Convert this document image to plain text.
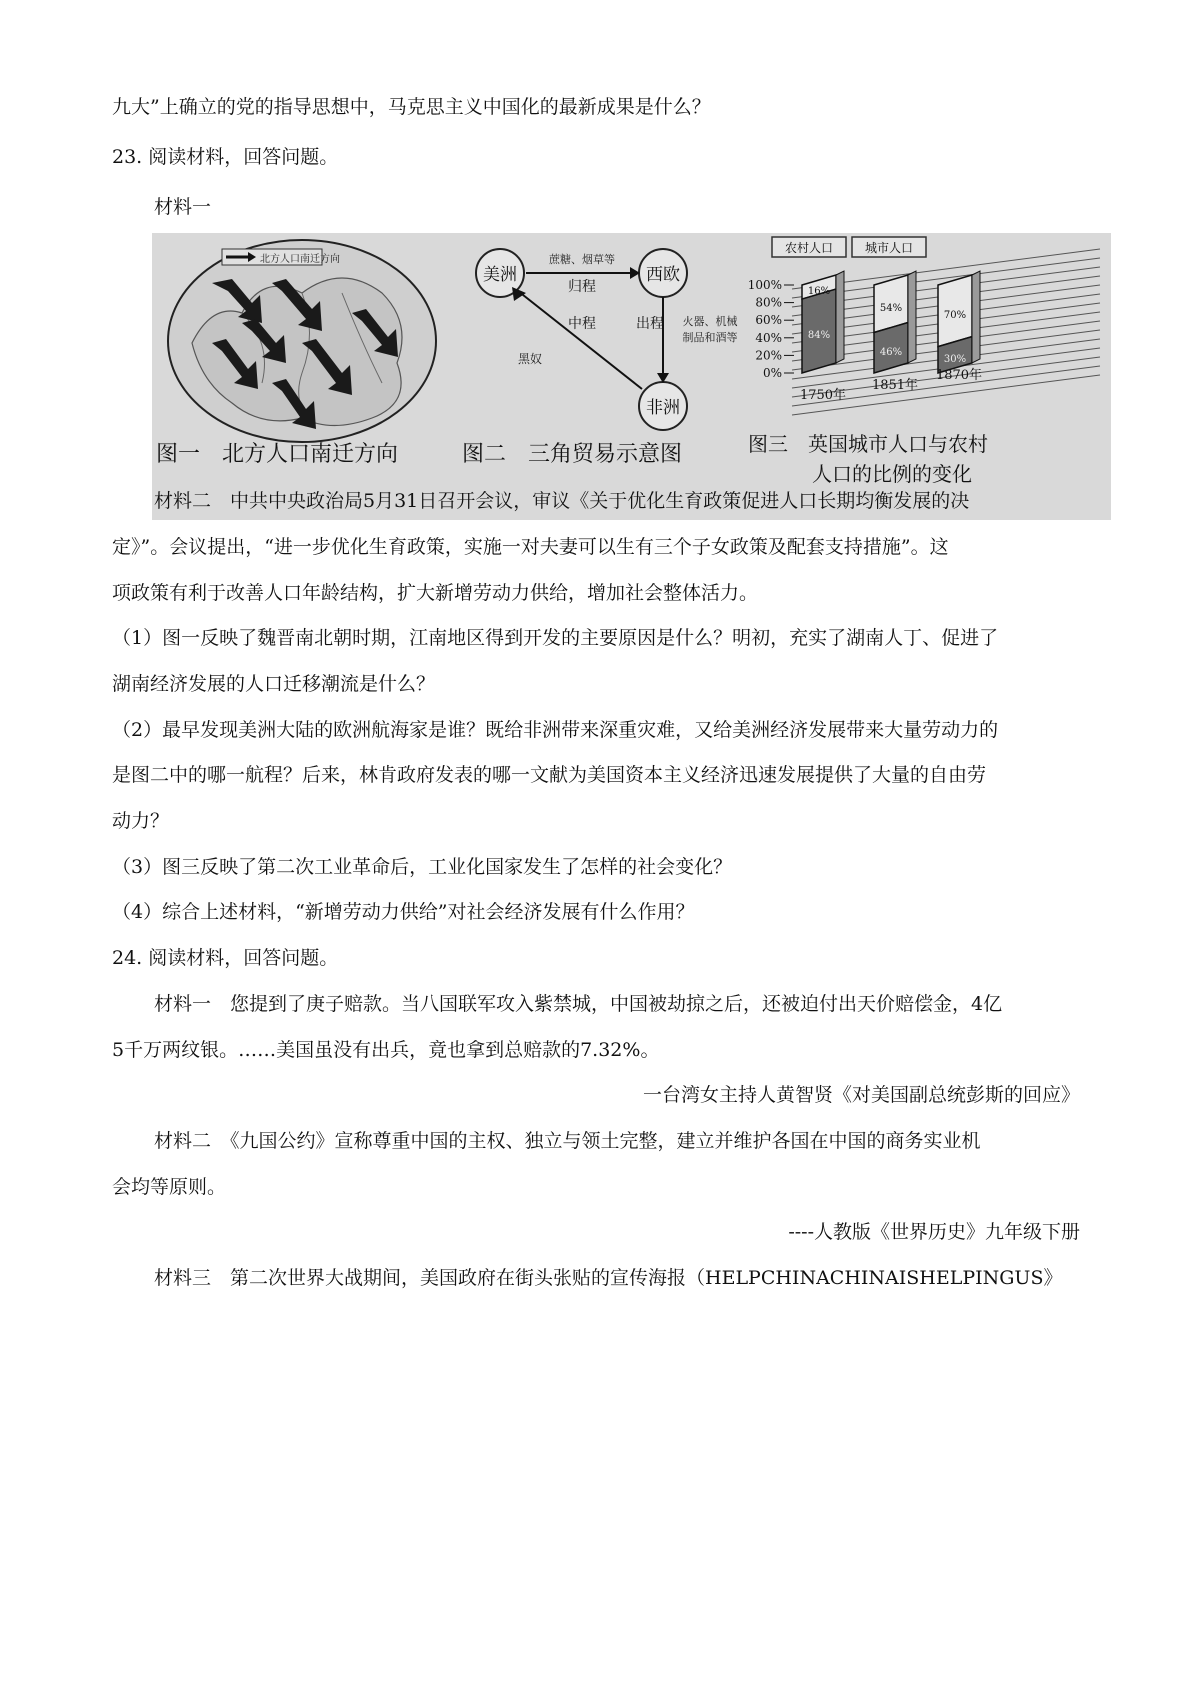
九大”上确立的党的指导思想中，马克思主义中国化的最新成果是什么？
23. 阅读材料，回答问题。
材料一
北方人口南迁方向
图一　北方人口南迁方向
美洲	西欧
非洲
蔗糖、烟草等
归程
中程
黑奴
出程 火器、机械
制品和酒等
图二　三角贸易示意图
农村人口	城市人口
100%
80%
60%
40%
20%
0%
16%
84%
54%
46%
70%
30%
1750年
1851年
1870年
图三　英国城市人口与农村
人口的比例的变化
材料二　中共中央政治局5月31日召开会议，审议《关于优化生育政策促进人口长期均衡发展的决
定》”。会议提出，“进一步优化生育政策，实施一对夫妻可以生有三个子女政策及配套支持措施”。这
项政策有利于改善人口年龄结构，扩大新增劳动力供给，增加社会整体活力。
（1）图一反映了魏晋南北朝时期，江南地区得到开发的主要原因是什么？明初，充实了湖南人丁、促进了
湖南经济发展的人口迁移潮流是什么？
（2）最早发现美洲大陆的欧洲航海家是谁？既给非洲带来深重灾难，又给美洲经济发展带来大量劳动力的
是图二中的哪一航程？后来，林肯政府发表的哪一文献为美国资本主义经济迅速发展提供了大量的自由劳
动力？
（3）图三反映了第二次工业革命后，工业化国家发生了怎样的社会变化？
（4）综合上述材料，“新增劳动力供给”对社会经济发展有什么作用？
24. 阅读材料，回答问题。
材料一　您提到了庚子赔款。当八国联军攻入紫禁城，中国被劫掠之后，还被迫付出天价赔偿金，4亿
5千万两纹银。……美国虽没有出兵，竟也拿到总赔款的7.32%。
一台湾女主持人黄智贤《对美国副总统彭斯的回应》
材料二　《九国公约》宣称尊重中国的主权、独立与领土完整，建立并维护各国在中国的商务实业机
会均等原则。
----人教版《世界历史》九年级下册
材料三　第二次世界大战期间，美国政府在街头张贴的宣传海报（HELPCHINACHINAISHELPINGUS》
